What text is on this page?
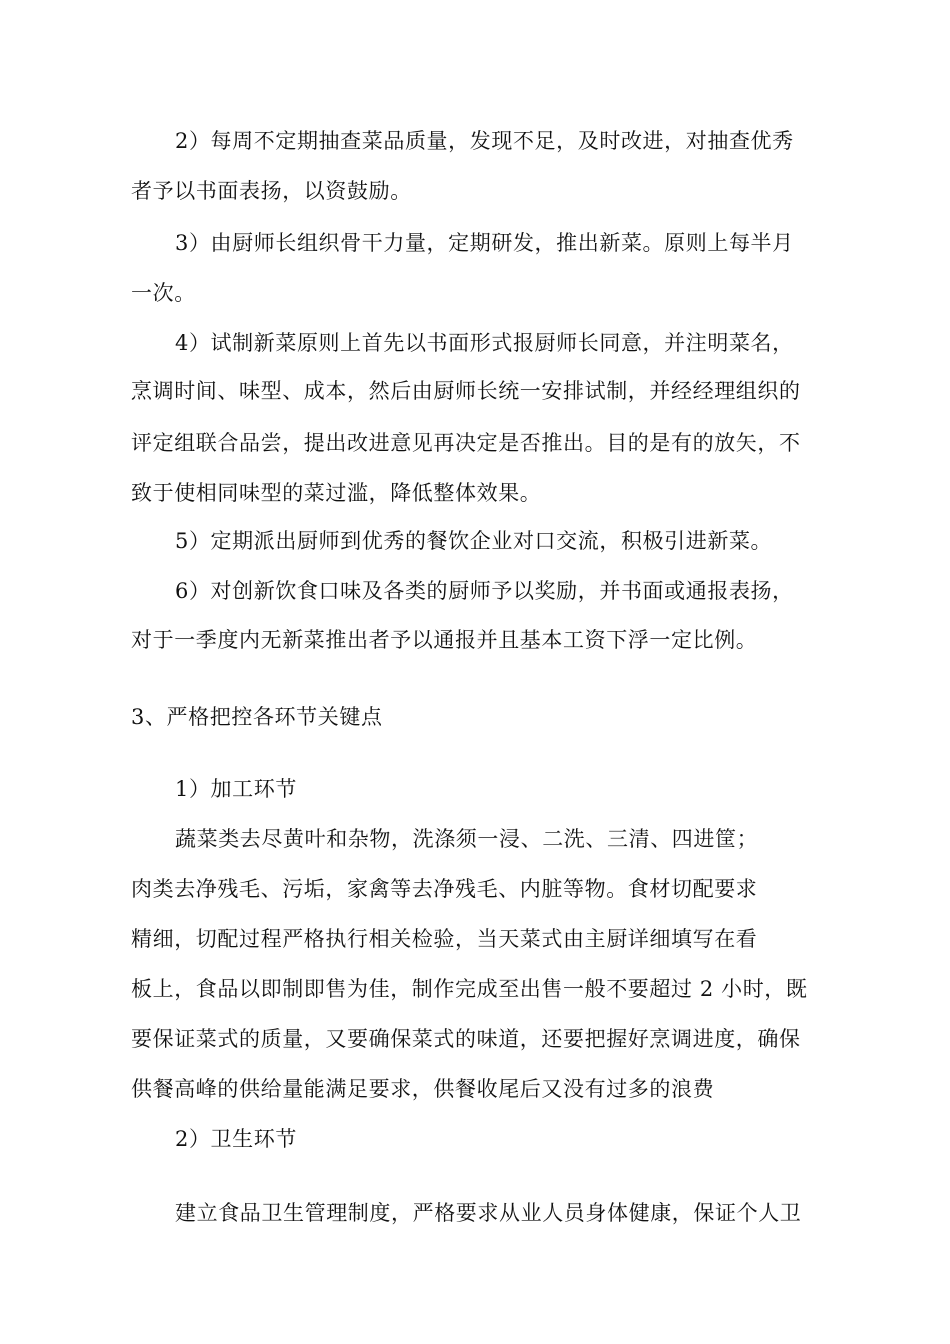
2）每周不定期抽查菜品质量，发现不足，及时改进，对抽查优秀
者予以书面表扬，以资鼓励。
3）由厨师长组织骨干力量，定期研发，推出新菜。原则上每半月
一次。
4）试制新菜原则上首先以书面形式报厨师长同意，并注明菜名，
烹调时间、味型、成本，然后由厨师长统一安排试制，并经经理组织的
评定组联合品尝，提出改进意见再决定是否推出。目的是有的放矢，不
致于使相同味型的菜过滥，降低整体效果。
5）定期派出厨师到优秀的餐饮企业对口交流，积极引进新菜。
6）对创新饮食口味及各类的厨师予以奖励，并书面或通报表扬，
对于一季度内无新菜推出者予以通报并且基本工资下浮一定比例。
3、严格把控各环节关键点
1）加工环节
蔬菜类去尽黄叶和杂物，洗涤须一浸、二洗、三清、四进筐；
肉类去净残毛、污垢，家禽等去净残毛、内脏等物。食材切配要求
精细，切配过程严格执行相关检验，当天菜式由主厨详细填写在看
板上，食品以即制即售为佳，制作完成至出售一般不要超过 2 小时，既
要保证菜式的质量，又要确保菜式的味道，还要把握好烹调进度，确保
供餐高峰的供给量能满足要求，供餐收尾后又没有过多的浪费
2）卫生环节
建立食品卫生管理制度，严格要求从业人员身体健康，保证个人卫
